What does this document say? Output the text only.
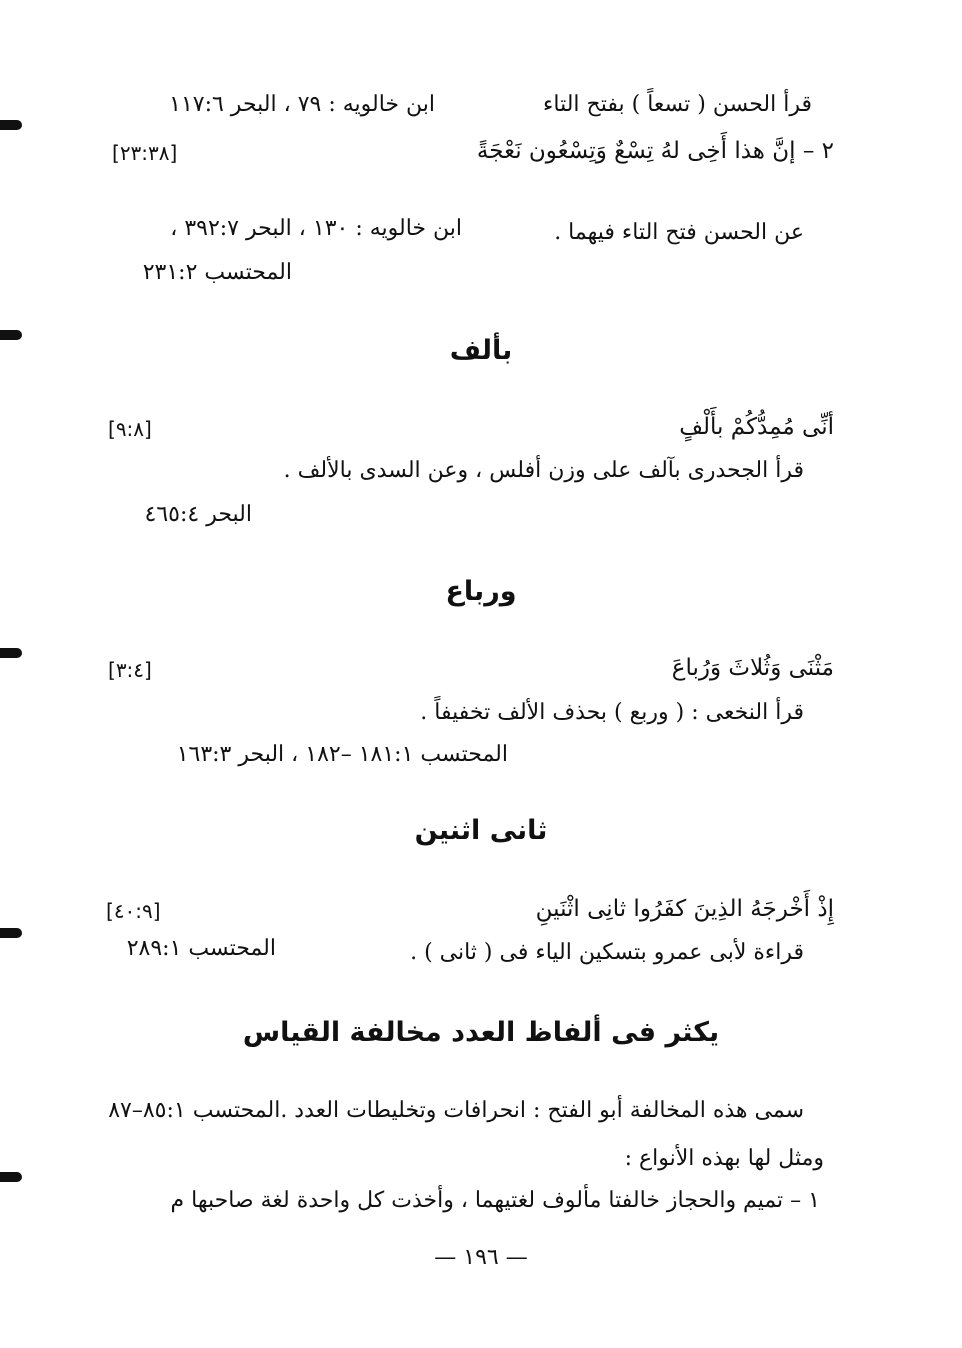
قرأ الحسن ( تسعاً ) بفتح التاء
ابن خالويه : ٧٩ ، البحر ١١٧:٦
٢ – إنَّ هذا أَخِى لهُ تِسْعٌ وَتِسْعُون نَعْجَةً
[٢٣:٣٨]
عن الحسن فتح التاء فيهما .
ابن خالويه : ١٣٠ ، البحر ٣٩٢:٧ ،
المحتسب ٢٣١:٢
بألف
أنِّى مُمِدُّكُمْ بأَلْفٍ
[٩:٨]
قرأ الجحدرى بآلف على وزن أفلس ، وعن السدى بالألف .
البحر ٤٦٥:٤
ورباع
مَثْنَى وَثُلاثَ وَرُباعَ
[٣:٤]
قرأ النخعى : ( وربع ) بحذف الألف تخفيفاً .
المحتسب ١٨١:١ –١٨٢ ، البحر ١٦٣:٣
ثانى اثنين
إِذْ أَخْرجَهُ الذِينَ كفَرُوا ثانِى اثْنَينِ
[٤٠:٩]
قراءة لأبى عمرو بتسكين الياء فى ( ثانى ) .
المحتسب ٢٨٩:١
يكثر فى ألفاظ العدد مخالفة القياس
سمى هذه المخالفة أبو الفتح : انحرافات وتخليطات العدد .المحتسب ٨٥:١–٨٧
ومثل لها بهذه الأنواع :
١ – تميم والحجاز خالفتا مألوف لغتيهما ، وأخذت كل واحدة لغة صاحبها م
— ١٩٦ —
